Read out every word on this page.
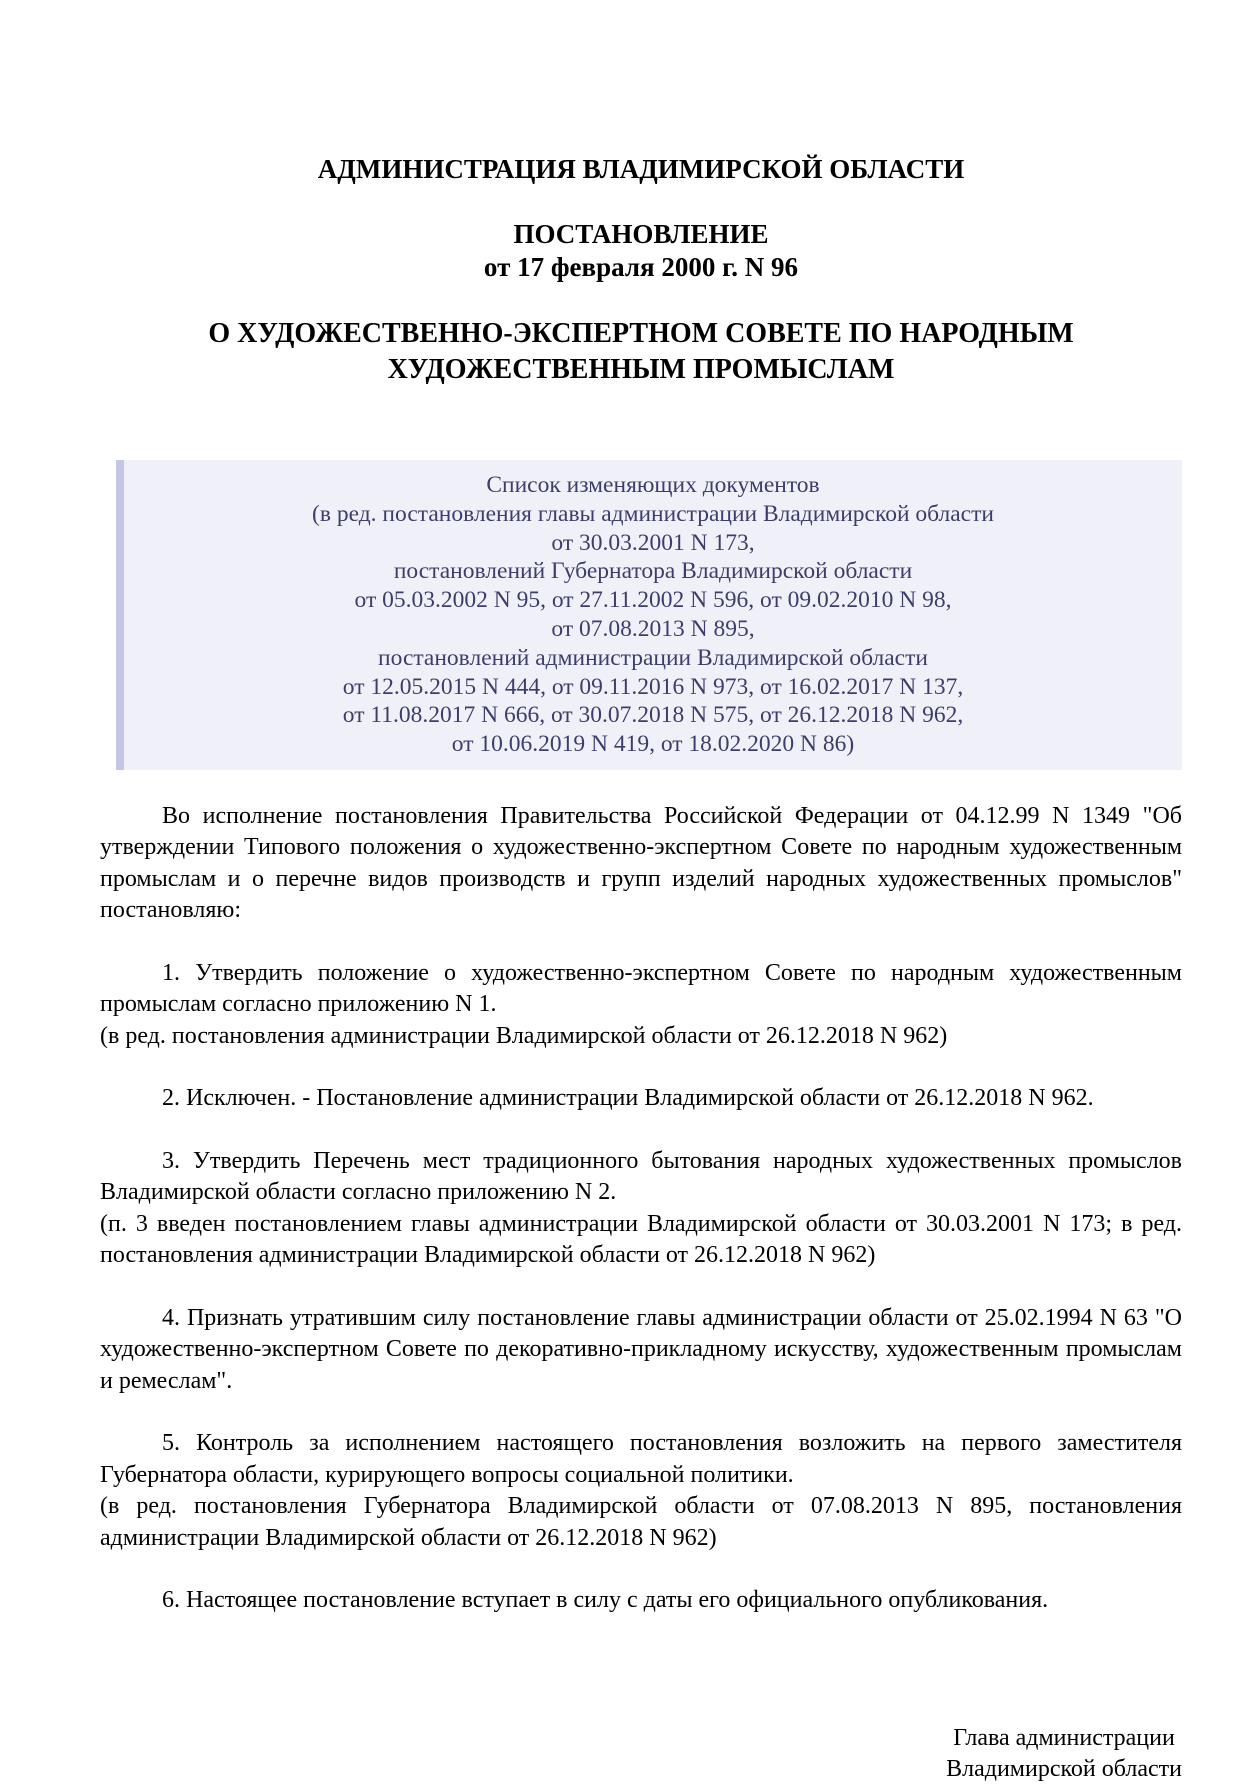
АДМИНИСТРАЦИЯ ВЛАДИМИРСКОЙ ОБЛАСТИ
ПОСТАНОВЛЕНИЕ
от 17 февраля 2000 г. N 96
О ХУДОЖЕСТВЕННО-ЭКСПЕРТНОМ СОВЕТЕ ПО НАРОДНЫМ ХУДОЖЕСТВЕННЫМ ПРОМЫСЛАМ
Список изменяющих документов
(в ред. постановления главы администрации Владимирской области
от 30.03.2001 N 173,
постановлений Губернатора Владимирской области
от 05.03.2002 N 95, от 27.11.2002 N 596, от 09.02.2010 N 98,
от 07.08.2013 N 895,
постановлений администрации Владимирской области
от 12.05.2015 N 444, от 09.11.2016 N 973, от 16.02.2017 N 137,
от 11.08.2017 N 666, от 30.07.2018 N 575, от 26.12.2018 N 962,
от 10.06.2019 N 419, от 18.02.2020 N 86)

Во исполнение постановления Правительства Российской Федерации от 04.12.99 N 1349 "Об утверждении Типового положения о художественно-экспертном Совете по народным художественным промыслам и о перечне видов производств и групп изделий народных художественных промыслов" постановляю:

1. Утвердить положение о художественно-экспертном Совете по народным художественным промыслам согласно приложению N 1.

(в ред. постановления администрации Владимирской области от 26.12.2018 N 962)

2. Исключен. - Постановление администрации Владимирской области от 26.12.2018 N 962.

3. Утвердить Перечень мест традиционного бытования народных художественных промыслов Владимирской области согласно приложению N 2.

(п. 3 введен постановлением главы администрации Владимирской области от 30.03.2001 N 173; в ред. постановления администрации Владимирской области от 26.12.2018 N 962)

4. Признать утратившим силу постановление главы администрации области от 25.02.1994 N 63 "О художественно-экспертном Совете по декоративно-прикладному искусству, художественным промыслам и ремеслам".

5. Контроль за исполнением настоящего постановления возложить на первого заместителя Губернатора области, курирующего вопросы социальной политики.

(в ред. постановления Губернатора Владимирской области от 07.08.2013 N 895, постановления администрации Владимирской области от 26.12.2018 N 962)

6. Настоящее постановление вступает в силу с даты его официального опубликования.

Глава администрации
Владимирской области
